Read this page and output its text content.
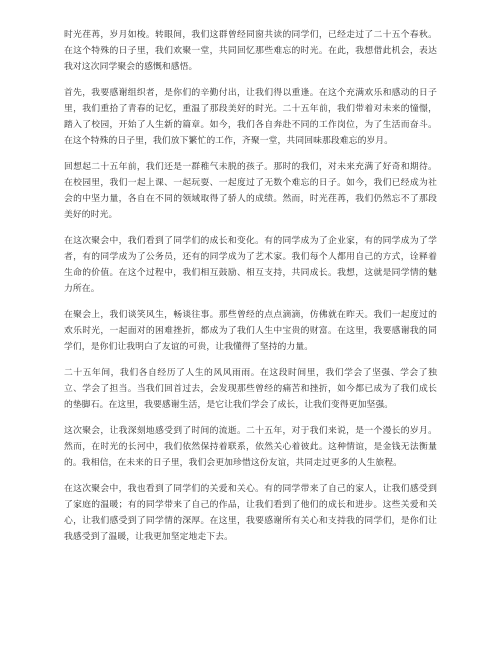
时光荏苒，岁月如梭。转眼间，我们这群曾经同窗共读的同学们，已经走过了二十五个春秋。在这个特殊的日子里，我们欢聚一堂，共同回忆那些难忘的时光。在此，我想借此机会，表达我对这次同学聚会的感慨和感悟。

首先，我要感谢组织者，是你们的辛勤付出，让我们得以重逢。在这个充满欢乐和感动的日子里，我们重拾了青春的记忆，重温了那段美好的时光。二十五年前，我们带着对未来的憧憬，踏入了校园，开始了人生新的篇章。如今，我们各自奔赴不同的工作岗位，为了生活而奋斗。在这个特殊的日子里，我们放下繁忙的工作，齐聚一堂，共同回味那段难忘的岁月。

回想起二十五年前，我们还是一群稚气未脱的孩子。那时的我们，对未来充满了好奇和期待。在校园里，我们一起上课、一起玩耍、一起度过了无数个难忘的日子。如今，我们已经成为社会的中坚力量，各自在不同的领域取得了骄人的成绩。然而，时光荏苒，我们仍然忘不了那段美好的时光。

在这次聚会中，我们看到了同学们的成长和变化。有的同学成为了企业家，有的同学成为了学者，有的同学成为了公务员，还有的同学成为了艺术家。我们每个人都用自己的方式，诠释着生命的价值。在这个过程中，我们相互鼓励、相互支持，共同成长。我想，这就是同学情的魅力所在。

在聚会上，我们谈笑风生，畅谈往事。那些曾经的点点滴滴，仿佛就在昨天。我们一起度过的欢乐时光，一起面对的困难挫折，都成为了我们人生中宝贵的财富。在这里，我要感谢我的同学们，是你们让我明白了友谊的可贵，让我懂得了坚持的力量。

二十五年间，我们各自经历了人生的风风雨雨。在这段时间里，我们学会了坚强、学会了独立、学会了担当。当我们回首过去，会发现那些曾经的痛苦和挫折，如今都已成为了我们成长的垫脚石。在这里，我要感谢生活，是它让我们学会了成长，让我们变得更加坚强。

这次聚会，让我深刻地感受到了时间的流逝。二十五年，对于我们来说，是一个漫长的岁月。然而，在时光的长河中，我们依然保持着联系，依然关心着彼此。这种情谊，是金钱无法衡量的。我相信，在未来的日子里，我们会更加珍惜这份友谊，共同走过更多的人生旅程。

在这次聚会中，我也看到了同学们的关爱和关心。有的同学带来了自己的家人，让我们感受到了家庭的温暖；有的同学带来了自己的作品，让我们看到了他们的成长和进步。这些关爱和关心，让我们感受到了同学情的深厚。在这里，我要感谢所有关心和支持我的同学们，是你们让我感受到了温暖，让我更加坚定地走下去。
